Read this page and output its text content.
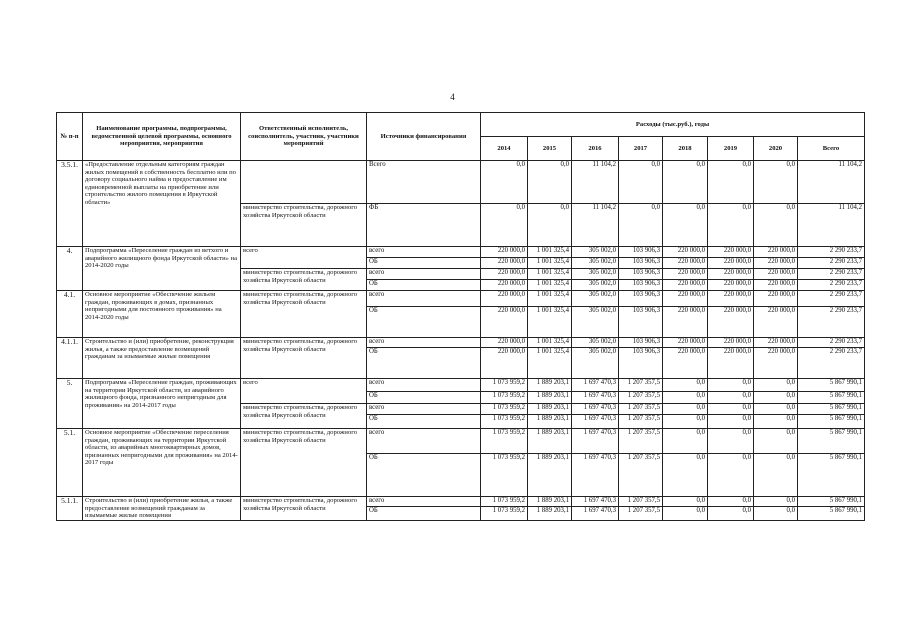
4
№ п-п	Наименование программы, подпрограммы, ведомственной целевой программы, основного мероприятия, мероприятия	Ответственный исполнитель, соисполнитель, участник, участники мероприятий	Источники финансирования	Расходы (тыс.руб.), годы							
				2014	2015	2016	2017	2018	2019	2020	Всего
3.5.1.	«Предоставление отдельным категориям граждан жилых помещений в собственность бесплатно или по договору социального найма и предоставление им единовременной выплаты на приобретение или строительство жилого помещения в Иркутской области»		Всего	0,0	0,0	11 104,2	0,0	0,0	0,0	0,0	11 104,2
		министерство строительства, дорожного хозяйства Иркутской области	ФБ	0,0	0,0	11 104,2	0,0	0,0	0,0	0,0	11 104,2
4.	Подпрограмма «Переселение граждан из ветхого и аварийного жилищного фонда Иркутской области» на 2014-2020 годы	всего	всего	220 000,0	1 001 325,4	305 002,0	103 906,3	220 000,0	220 000,0	220 000,0	2 290 233,7
			ОБ	220 000,0	1 001 325,4	305 002,0	103 906,3	220 000,0	220 000,0	220 000,0	2 290 233,7
		министерство строительства, дорожного хозяйства Иркутской области	всего	220 000,0	1 001 325,4	305 002,0	103 906,3	220 000,0	220 000,0	220 000,0	2 290 233,7
			ОБ	220 000,0	1 001 325,4	305 002,0	103 906,3	220 000,0	220 000,0	220 000,0	2 290 233,7
4.1.	Основное мероприятие «Обеспечение жильем граждан, проживающих в домах, признанных непригодными для постоянного проживания» на 2014-2020 годы	министерство строительства, дорожного хозяйства Иркутской области	всего	220 000,0	1 001 325,4	305 002,0	103 906,3	220 000,0	220 000,0	220 000,0	2 290 233,7
			ОБ	220 000,0	1 001 325,4	305 002,0	103 906,3	220 000,0	220 000,0	220 000,0	2 290 233,7
4.1.1.	Строительство и (или) приобретение, реконструкция жилья, а также предоставление возмещений гражданам за изымаемые жилые помещения	министерство строительства, дорожного хозяйства Иркутской области	всего	220 000,0	1 001 325,4	305 002,0	103 906,3	220 000,0	220 000,0	220 000,0	2 290 233,7
			ОБ	220 000,0	1 001 325,4	305 002,0	103 906,3	220 000,0	220 000,0	220 000,0	2 290 233,7
5.	Подпрограмма «Переселение граждан, проживающих на территории Иркутской области, из аварийного жилищного фонда, признанного непригодным для проживания» на 2014-2017 годы	всего	всего	1 073 959,2	1 889 203,1	1 697 470,3	1 207 357,5	0,0	0,0	0,0	5 867 990,1
			ОБ	1 073 959,2	1 889 203,1	1 697 470,3	1 207 357,5	0,0	0,0	0,0	5 867 990,1
		министерство строительства, дорожного хозяйства Иркутской области	всего	1 073 959,2	1 889 203,1	1 697 470,3	1 207 357,5	0,0	0,0	0,0	5 867 990,1
			ОБ	1 073 959,2	1 889 203,1	1 697 470,3	1 207 357,5	0,0	0,0	0,0	5 867 990,1
5.1.	Основное мероприятие «Обеспечение переселения граждан, проживающих на территории Иркутской области, из аварийных многоквартирных домов, признанных непригодными для проживания» на 2014-2017 годы	министерство строительства, дорожного хозяйства Иркутской области	всего	1 073 959,2	1 889 203,1	1 697 470,3	1 207 357,5	0,0	0,0	0,0	5 867 990,1
			ОБ	1 073 959,2	1 889 203,1	1 697 470,3	1 207 357,5	0,0	0,0	0,0	5 867 990,1
5.1.1.	Строительство и (или) приобретение жилья, а также предоставление возмещений гражданам за изымаемые жилые помещения	министерство строительства, дорожного хозяйства Иркутской области	всего	1 073 959,2	1 889 203,1	1 697 470,3	1 207 357,5	0,0	0,0	0,0	5 867 990,1
			ОБ	1 073 959,2	1 889 203,1	1 697 470,3	1 207 357,5	0,0	0,0	0,0	5 867 990,1
